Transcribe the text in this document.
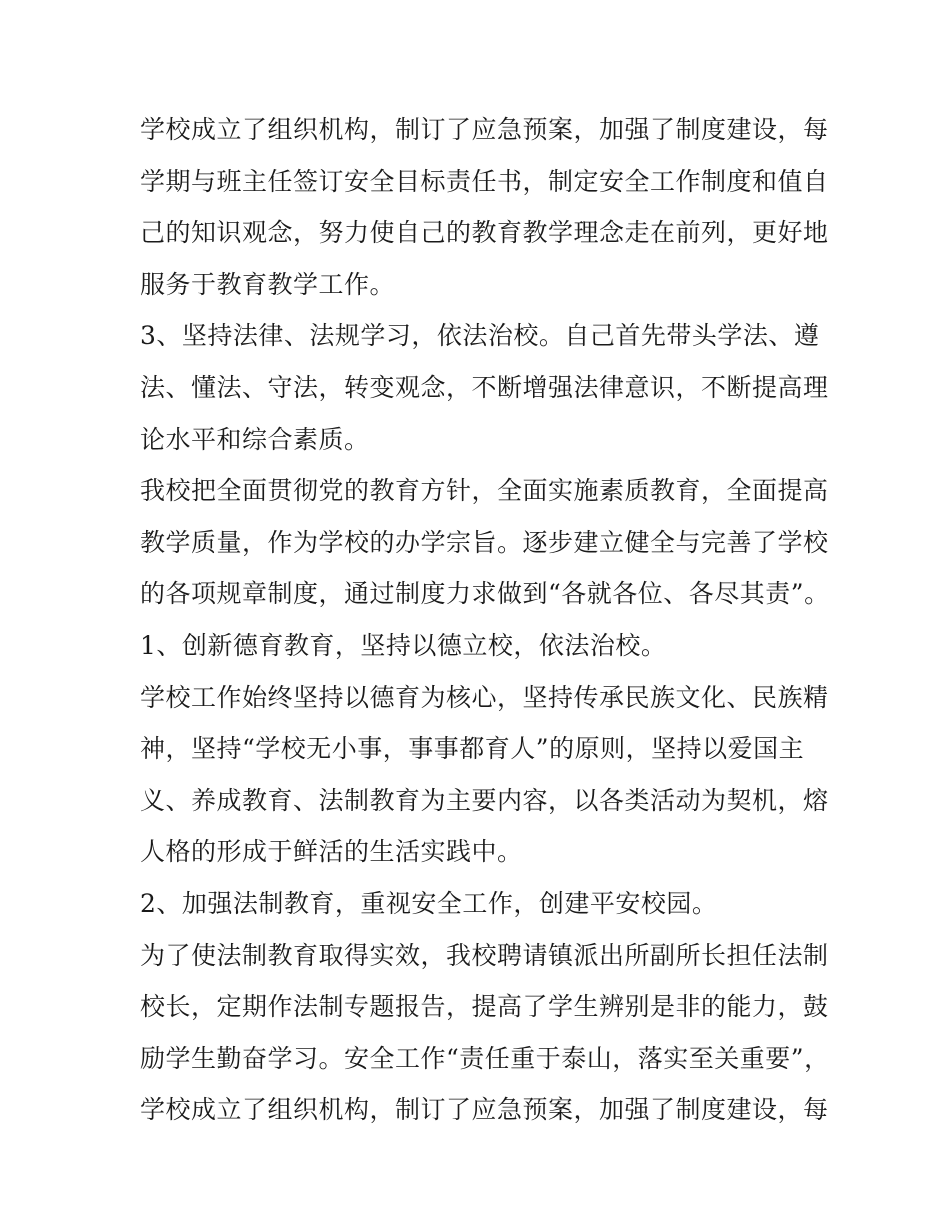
学校成立了组织机构，制订了应急预案，加强了制度建设，每
学期与班主任签订安全目标责任书，制定安全工作制度和值自
己的知识观念，努力使自己的教育教学理念走在前列，更好地
服务于教育教学工作。
3、坚持法律、法规学习，依法治校。自己首先带头学法、遵
法、懂法、守法，转变观念，不断增强法律意识，不断提高理
论水平和综合素质。
我校把全面贯彻党的教育方针，全面实施素质教育，全面提高
教学质量，作为学校的办学宗旨。逐步建立健全与完善了学校
的各项规章制度，通过制度力求做到“各就各位、各尽其责”。
1、创新德育教育，坚持以德立校，依法治校。
学校工作始终坚持以德育为核心，坚持传承民族文化、民族精
神，坚持“学校无小事，事事都育人”的原则，坚持以爱国主
义、养成教育、法制教育为主要内容，以各类活动为契机，熔
人格的形成于鲜活的生活实践中。
2、加强法制教育，重视安全工作，创建平安校园。
为了使法制教育取得实效，我校聘请镇派出所副所长担任法制
校长，定期作法制专题报告，提高了学生辨别是非的能力，鼓
励学生勤奋学习。安全工作“责任重于泰山，落实至关重要”，
学校成立了组织机构，制订了应急预案，加强了制度建设，每
